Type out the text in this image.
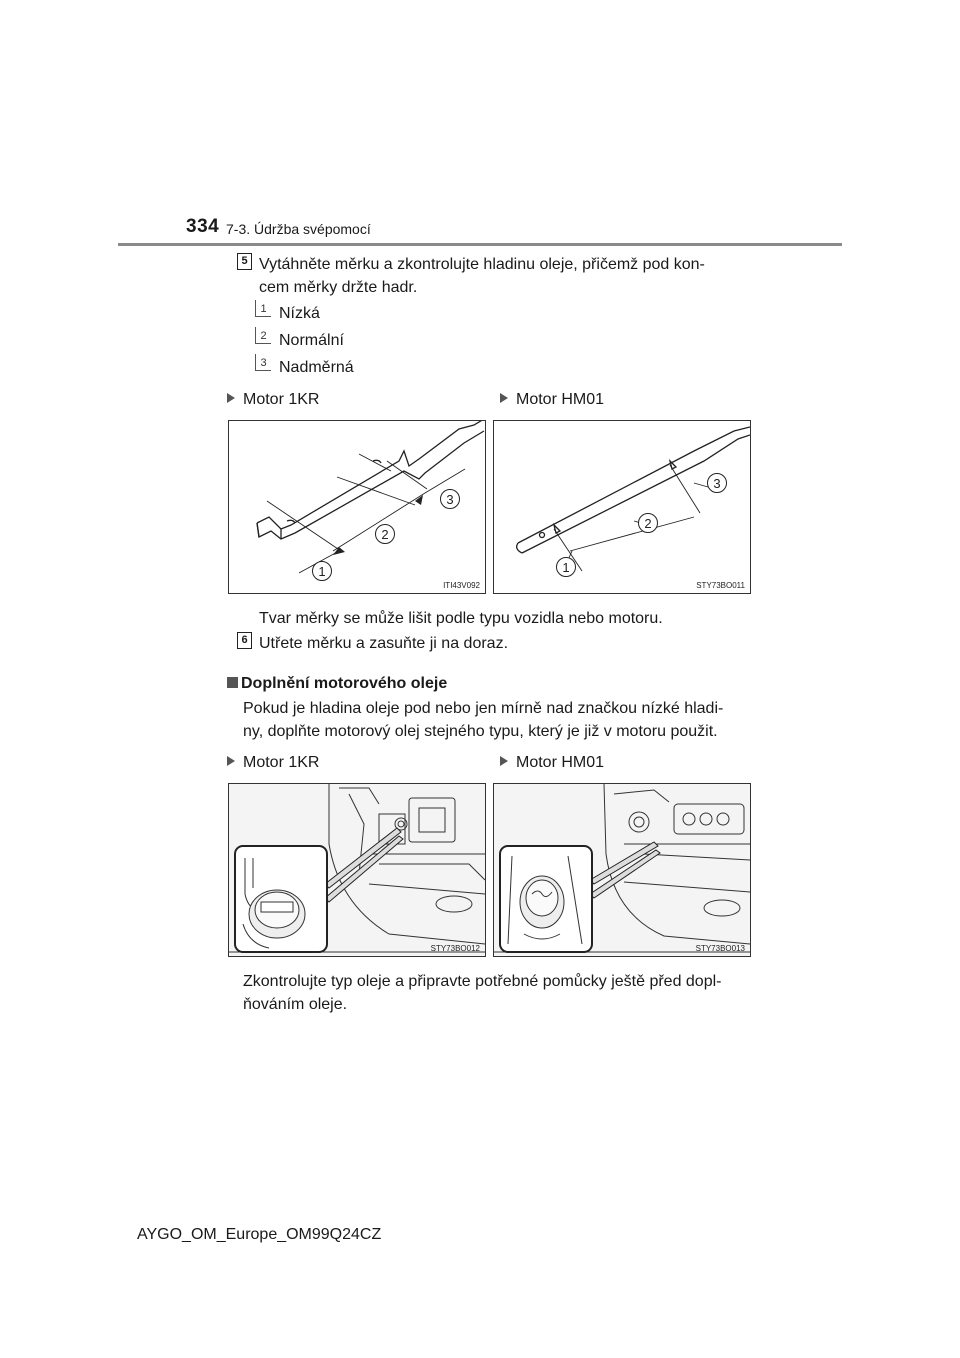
334 7-3. Údržba svépomocí
5 Vytáhněte měrku a zkontrolujte hladinu oleje, přičemž pod kon-
cem měrky držte hadr.
1 Nízká
2 Normální
3 Nadměrná
Motor 1KR	Motor HM01
1
2
3
ITI43V092
1
2
3
STY73BO011
Tvar měrky se může lišit podle typu vozidla nebo motoru.
6 Utřete měrku a zasuňte ji na doraz.
Doplnění motorového oleje
Pokud je hladina oleje pod nebo jen mírně nad značkou nízké hladi-
ny, doplňte motorový olej stejného typu, který je již v motoru použit.
Motor 1KR	Motor HM01
STY73BO012	STY73BO013
Zkontrolujte typ oleje a připravte potřebné pomůcky ještě před dopl-
ňováním oleje.
AYGO_OM_Europe_OM99Q24CZ
